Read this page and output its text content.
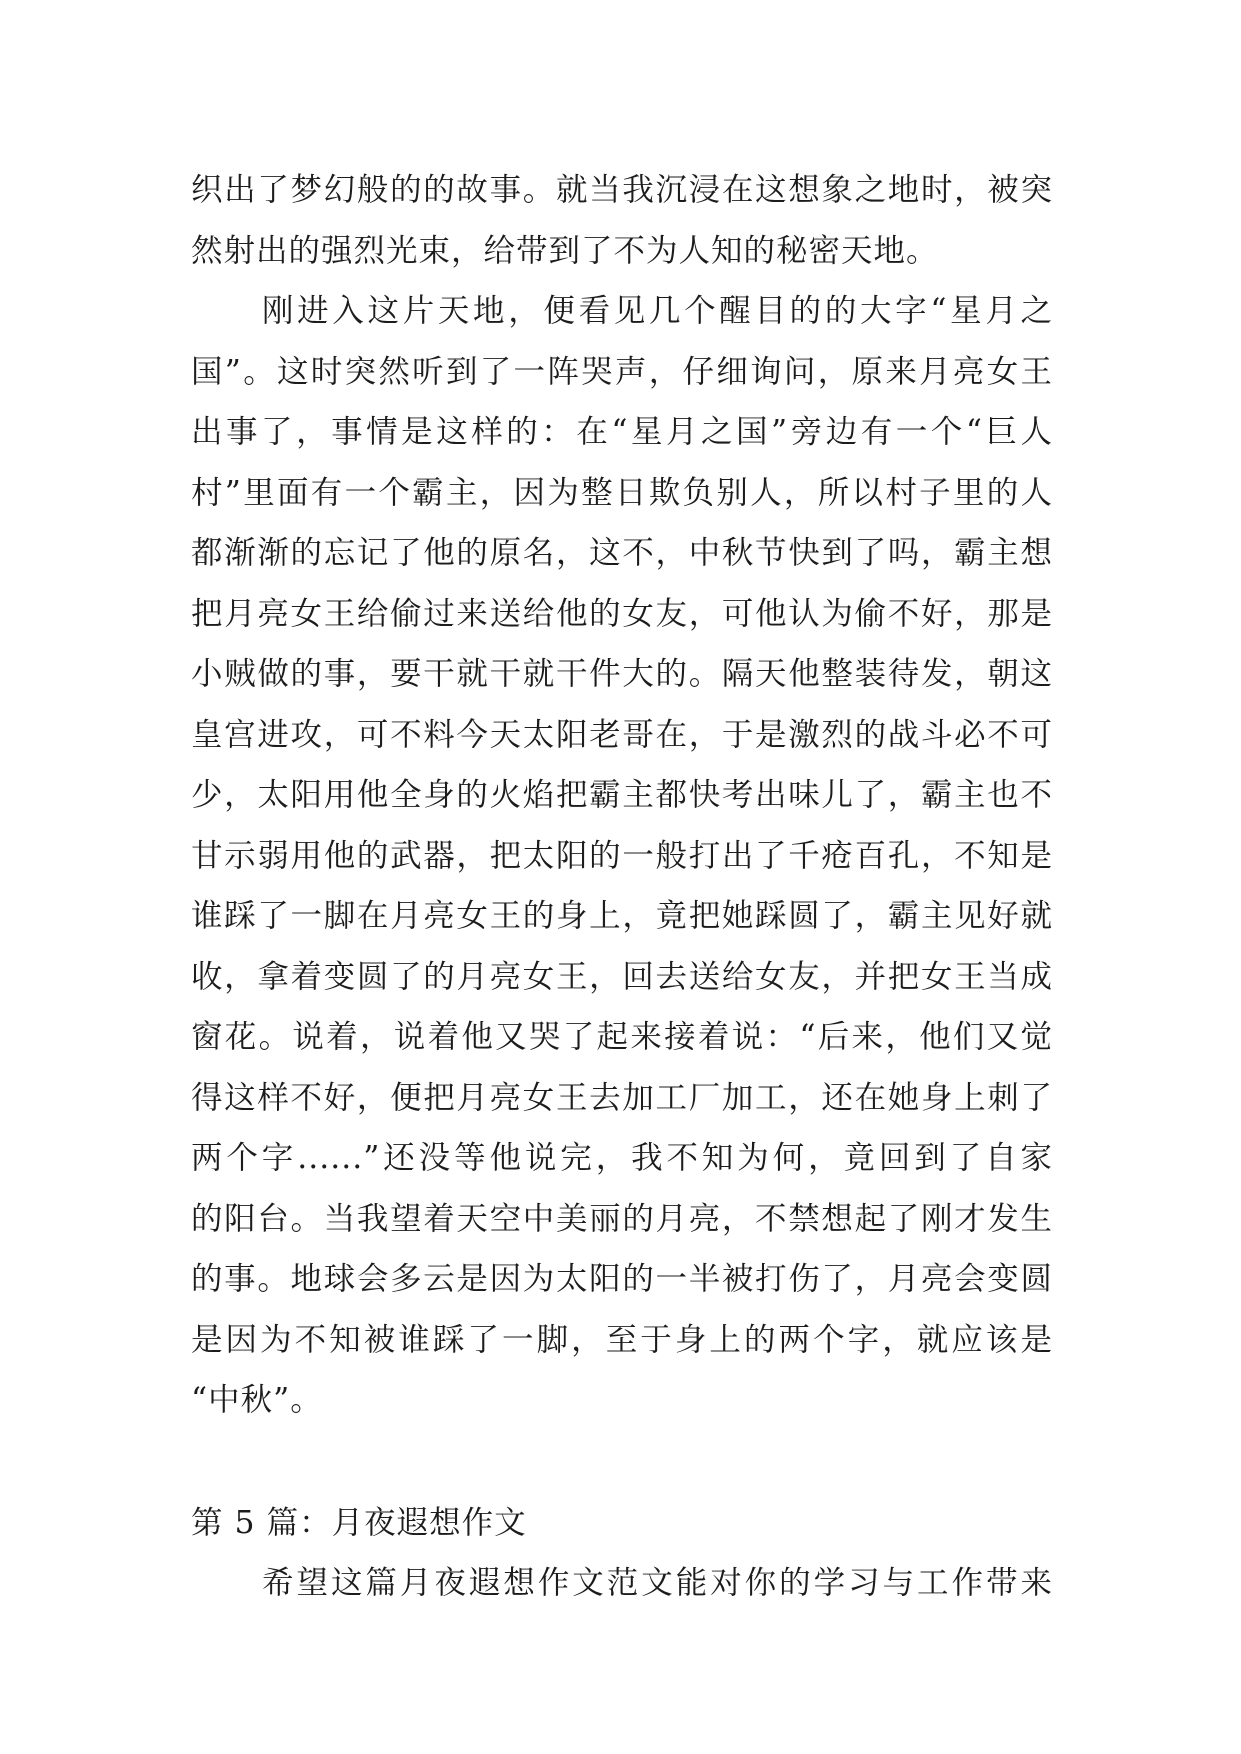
织出了梦幻般的的故事。就当我沉浸在这想象之地时，被突
然射出的强烈光束，给带到了不为人知的秘密天地。
刚进入这片天地，便看见几个醒目的的大字“星月之
国”。这时突然听到了一阵哭声，仔细询问，原来月亮女王
出事了，事情是这样的：在“星月之国”旁边有一个“巨人
村”里面有一个霸主，因为整日欺负别人，所以村子里的人
都渐渐的忘记了他的原名，这不，中秋节快到了吗，霸主想
把月亮女王给偷过来送给他的女友，可他认为偷不好，那是
小贼做的事，要干就干就干件大的。隔天他整装待发，朝这
皇宫进攻，可不料今天太阳老哥在，于是激烈的战斗必不可
少，太阳用他全身的火焰把霸主都快考出味儿了，霸主也不
甘示弱用他的武器，把太阳的一般打出了千疮百孔，不知是
谁踩了一脚在月亮女王的身上，竟把她踩圆了，霸主见好就
收，拿着变圆了的月亮女王，回去送给女友，并把女王当成
窗花。说着，说着他又哭了起来接着说：“后来，他们又觉
得这样不好，便把月亮女王去加工厂加工，还在她身上刺了
两个字......”还没等他说完，我不知为何，竟回到了自家
的阳台。当我望着天空中美丽的月亮，不禁想起了刚才发生
的事。地球会多云是因为太阳的一半被打伤了，月亮会变圆
是因为不知被谁踩了一脚，至于身上的两个字，就应该是
“中秋”。
第 5 篇：月夜遐想作文
希望这篇月夜遐想作文范文能对你的学习与工作带来
